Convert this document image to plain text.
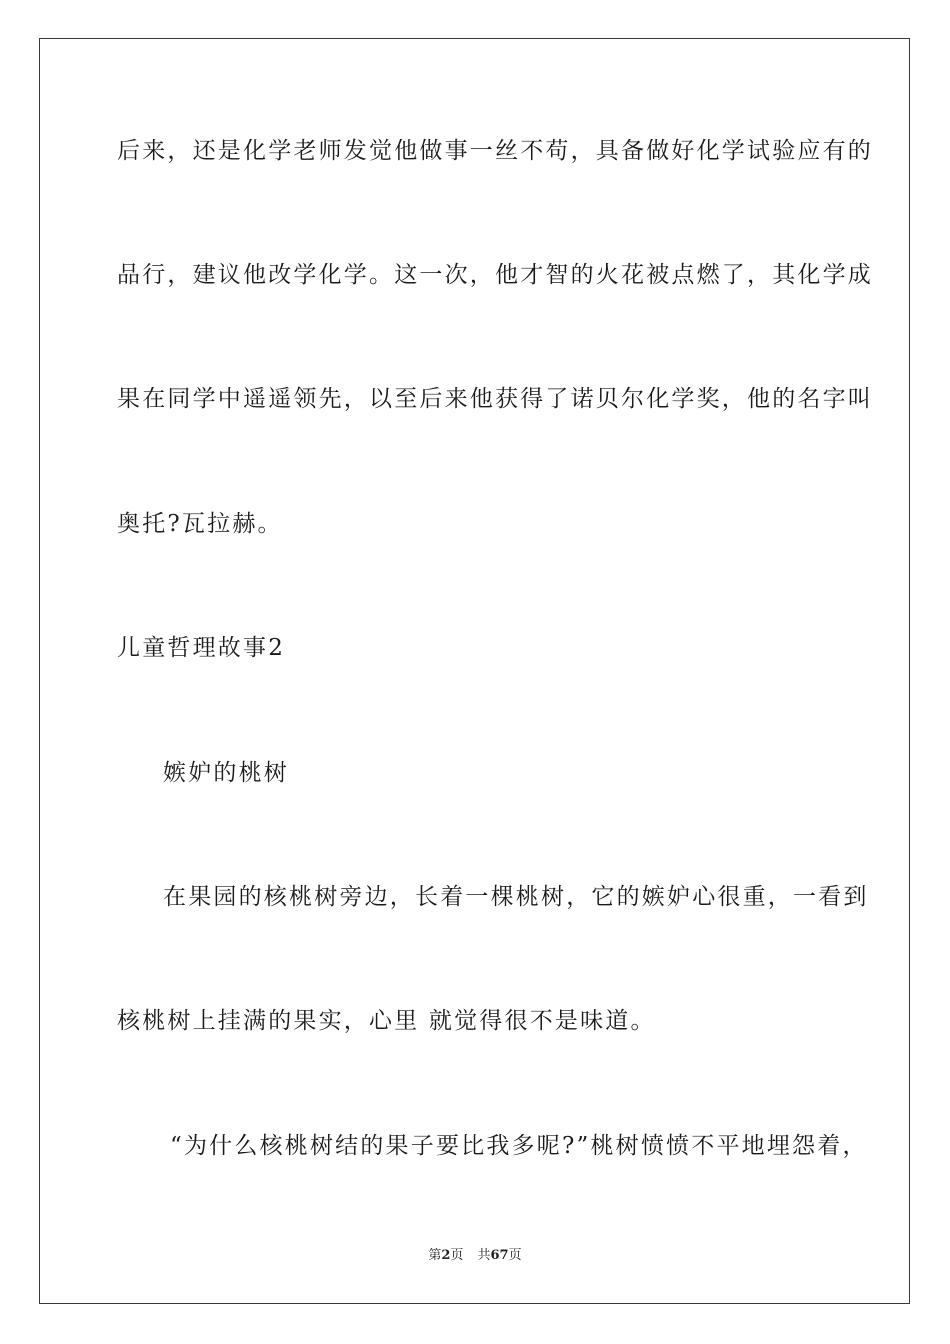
后来，还是化学老师发觉他做事一丝不苟，具备做好化学试验应有的
品行，建议他改学化学。这一次，他才智的火花被点燃了，其化学成
果在同学中遥遥领先，以至后来他获得了诺贝尔化学奖，他的名字叫
奥托?瓦拉赫。
儿童哲理故事2
嫉妒的桃树
在果园的核桃树旁边，长着一棵桃树，它的嫉妒心很重，一看到
核桃树上挂满的果实，心里 就觉得很不是味道。
“为什么核桃树结的果子要比我多呢?”桃树愤愤不平地埋怨着，
第2页 共67页
